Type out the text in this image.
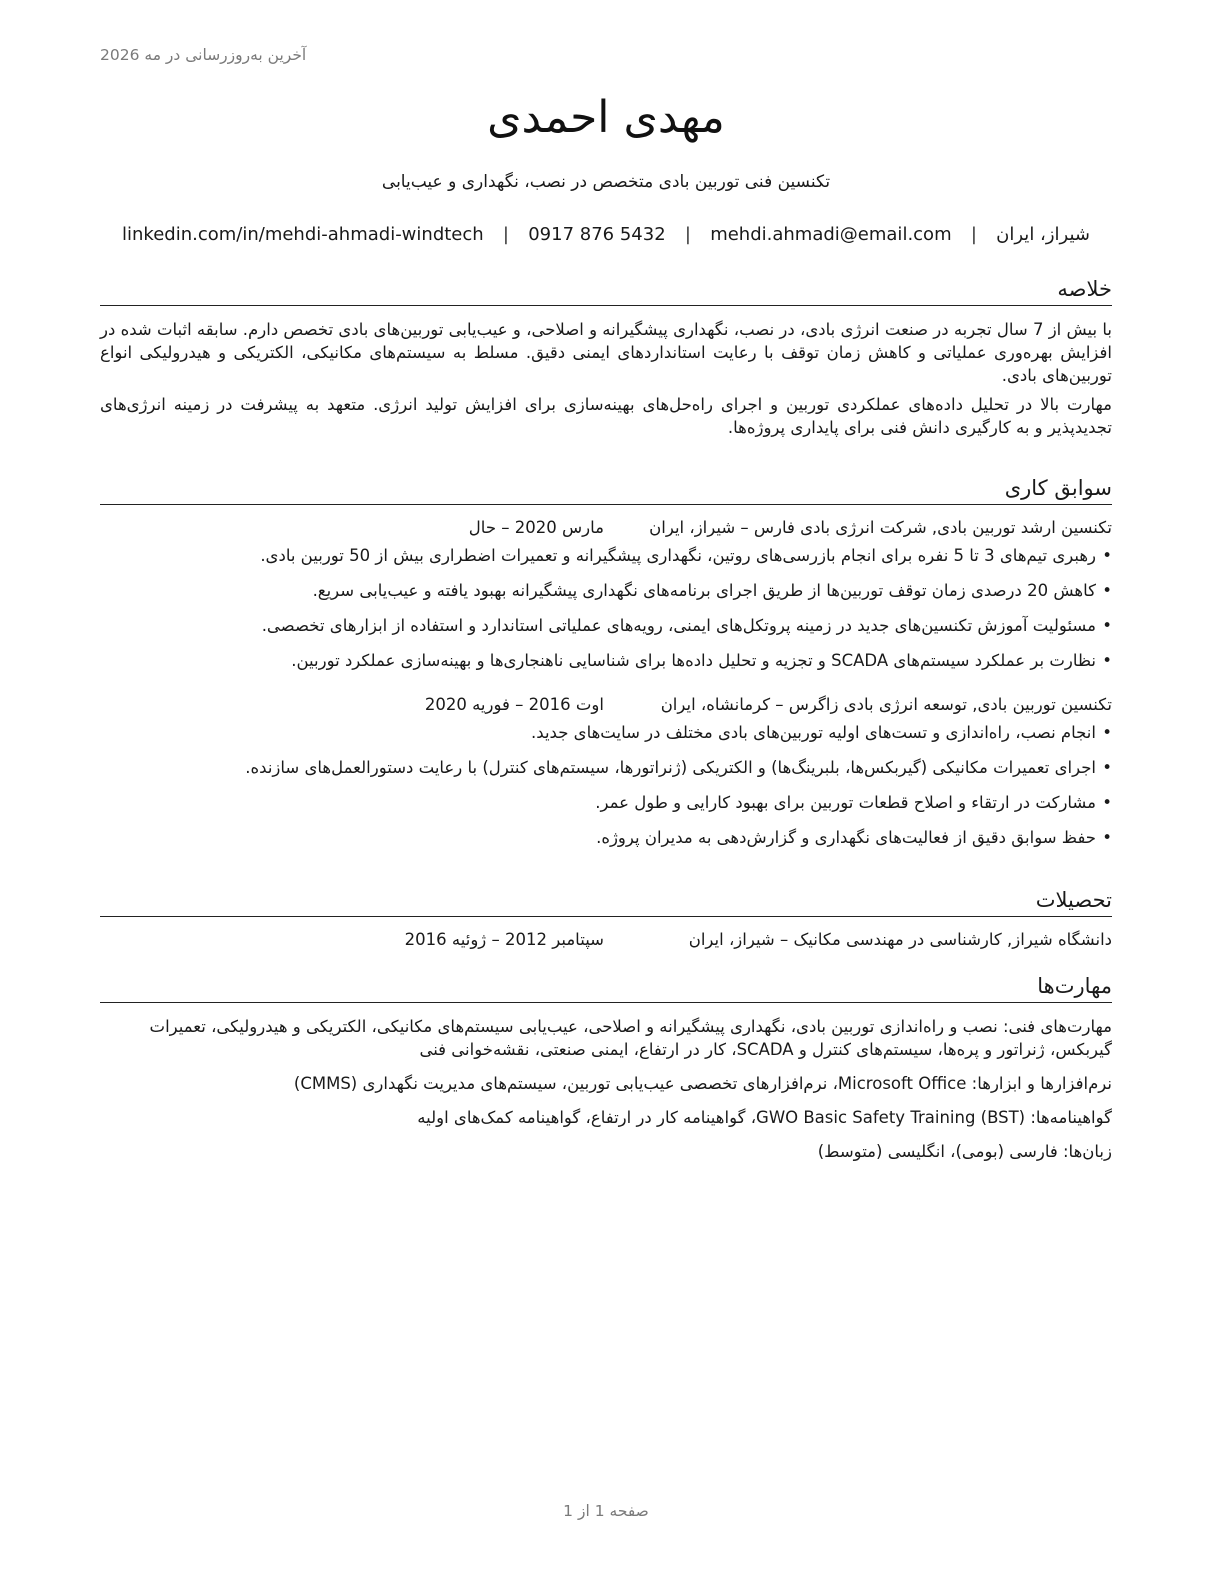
آخرین به‌روزرسانی در مه 2026
مهدی احمدی
تکنسین فنی توربین بادی متخصص در نصب، نگهداری و عیب‌یابی
شیراز، ایران
|
mehdi.ahmadi@email.com
|
0917 876 5432
|
linkedin.com/in/mehdi-ahmadi-windtech
خلاصه

با بیش از 7 سال تجربه در صنعت انرژی بادی، در نصب، نگهداری پیشگیرانه و اصلاحی، و عیب‌یابی توربین‌های بادی تخصص دارم. سابقه اثبات شده در افزایش بهره‌وری عملیاتی و کاهش زمان توقف با رعایت استانداردهای ایمنی دقیق. مسلط به سیستم‌های مکانیکی، الکتریکی و هیدرولیکی انواع توربین‌های بادی.

مهارت بالا در تحلیل داده‌های عملکردی توربین و اجرای راه‌حل‌های بهینه‌سازی برای افزایش تولید انرژی. متعهد به پیشرفت در زمینه انرژی‌های تجدیدپذیر و به کارگیری دانش فنی برای پایداری پروژه‌ها.

سوابق کاری
تکنسین ارشد توربین بادی, شرکت انرژی بادی فارس – شیراز، ایران
مارس 2020 – حال
•
رهبری تیم‌های 3 تا 5 نفره برای انجام بازرسی‌های روتین، نگهداری پیشگیرانه و تعمیرات اضطراری بیش از 50 توربین بادی.
•
کاهش 20 درصدی زمان توقف توربین‌ها از طریق اجرای برنامه‌های نگهداری پیشگیرانه بهبود یافته و عیب‌یابی سریع.
•
مسئولیت آموزش تکنسین‌های جدید در زمینه پروتکل‌های ایمنی، رویه‌های عملیاتی استاندارد و استفاده از ابزارهای تخصصی.
•
نظارت بر عملکرد سیستم‌های SCADA و تجزیه و تحلیل داده‌ها برای شناسایی ناهنجاری‌ها و بهینه‌سازی عملکرد توربین.
تکنسین توربین بادی, توسعه انرژی بادی زاگرس – کرمانشاه، ایران
اوت 2016 – فوریه 2020
•
انجام نصب، راه‌اندازی و تست‌های اولیه توربین‌های بادی مختلف در سایت‌های جدید.
•
اجرای تعمیرات مکانیکی (گیربکس‌ها، بلبرینگ‌ها) و الکتریکی (ژنراتورها، سیستم‌های کنترل) با رعایت دستورالعمل‌های سازنده.
•
مشارکت در ارتقاء و اصلاح قطعات توربین برای بهبود کارایی و طول عمر.
•
حفظ سوابق دقیق از فعالیت‌های نگهداری و گزارش‌دهی به مدیران پروژه.
تحصیلات
دانشگاه شیراز, کارشناسی در مهندسی مکانیک – شیراز، ایران
سپتامبر 2012 – ژوئیه 2016
مهارت‌ها

مهارت‌های فنی: نصب و راه‌اندازی توربین بادی، نگهداری پیشگیرانه و اصلاحی، عیب‌یابی سیستم‌های مکانیکی، الکتریکی و هیدرولیکی، تعمیرات گیربکس، ژنراتور و پره‌ها، سیستم‌های کنترل و SCADA، کار در ارتفاع، ایمنی صنعتی، نقشه‌خوانی فنی

نرم‌افزارها و ابزارها: Microsoft Office، نرم‌افزارهای تخصصی عیب‌یابی توربین، سیستم‌های مدیریت نگهداری (CMMS)

گواهینامه‌ها: GWO Basic Safety Training (BST)، گواهینامه کار در ارتفاع، گواهینامه کمک‌های اولیه

زبان‌ها: فارسی (بومی)، انگلیسی (متوسط)

صفحه 1 از 1
